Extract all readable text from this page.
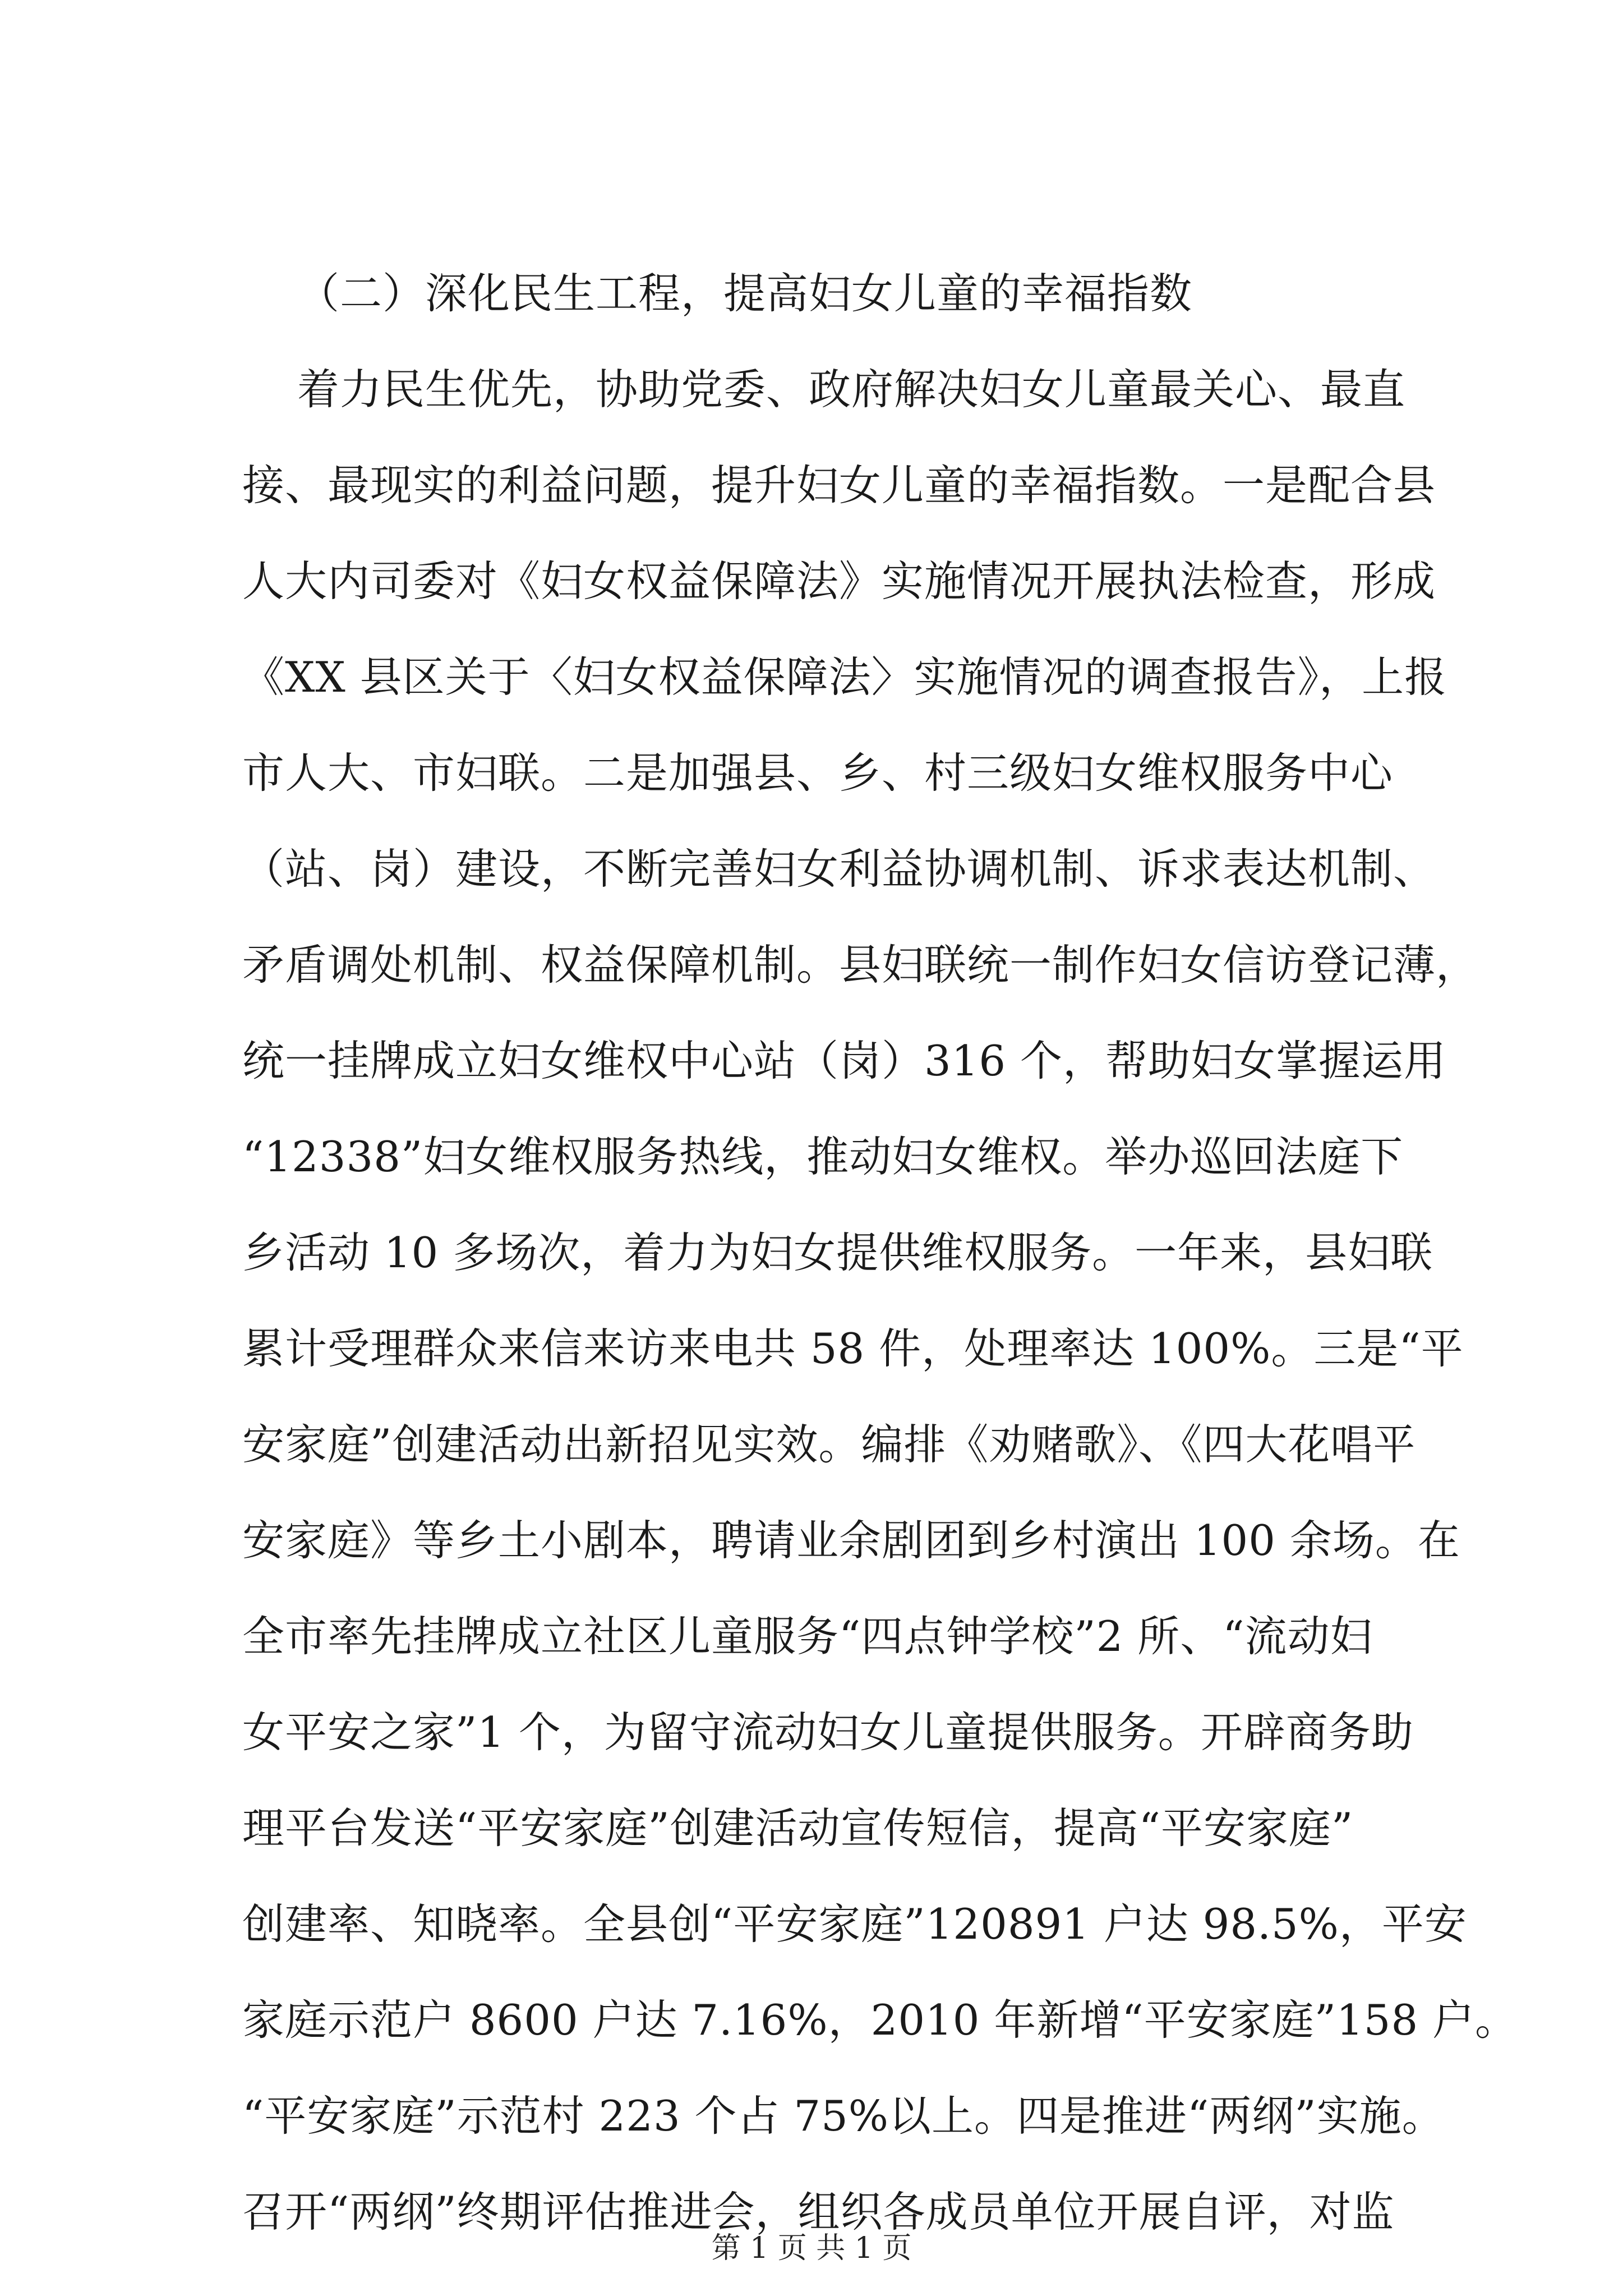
（二）深化民生工程，提高妇女儿童的幸福指数
着力民生优先，协助党委、政府解决妇女儿童最关心、最直
接、最现实的利益问题，提升妇女儿童的幸福指数。一是配合县
人大内司委对《妇女权益保障法》实施情况开展执法检查，形成
《XX 县区关于〈妇女权益保障法〉实施情况的调查报告》，上报
市人大、市妇联。二是加强县、乡、村三级妇女维权服务中心
（站、岗）建设，不断完善妇女利益协调机制、诉求表达机制、
矛盾调处机制、权益保障机制。县妇联统一制作妇女信访登记薄，
统一挂牌成立妇女维权中心站（岗）316 个，帮助妇女掌握运用
“12338”妇女维权服务热线，推动妇女维权。举办巡回法庭下
乡活动 10 多场次，着力为妇女提供维权服务。一年来，县妇联
累计受理群众来信来访来电共 58 件，处理率达 100%。三是“平
安家庭”创建活动出新招见实效。编排《劝赌歌》、《四大花唱平
安家庭》等乡土小剧本，聘请业余剧团到乡村演出 100 余场。在
全市率先挂牌成立社区儿童服务“四点钟学校”2 所、“流动妇
女平安之家”1 个，为留守流动妇女儿童提供服务。开辟商务助
理平台发送“平安家庭”创建活动宣传短信，提高“平安家庭”
创建率、知晓率。全县创“平安家庭”120891 户达 98.5%，平安
家庭示范户 8600 户达 7.16%，2010 年新增“平安家庭”158 户。
“平安家庭”示范村 223 个占 75%以上。四是推进“两纲”实施。
召开“两纲”终期评估推进会，组织各成员单位开展自评，对监
第 1 页 共 1 页
